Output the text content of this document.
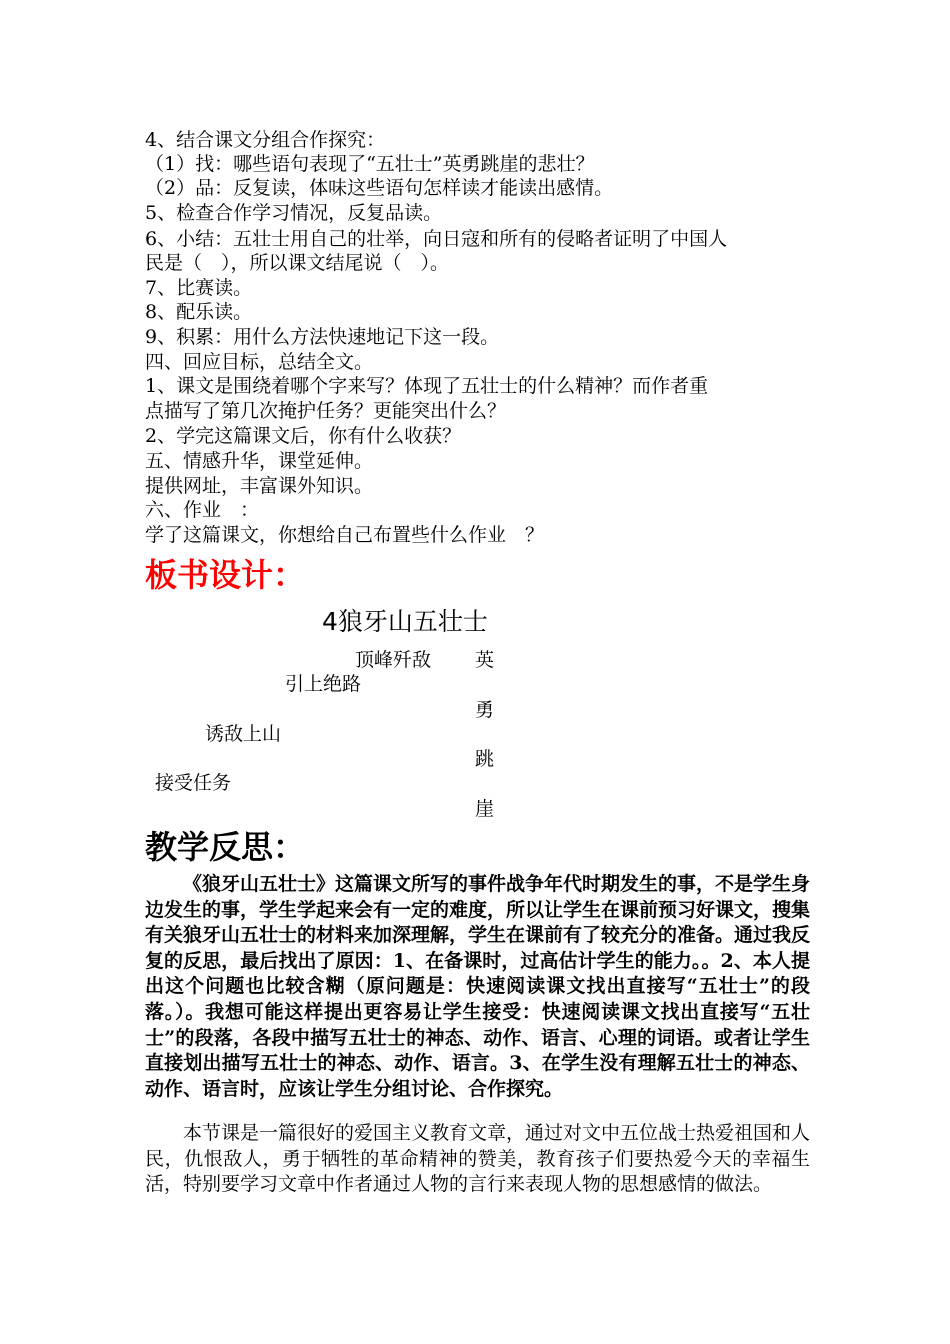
4、结合课文分组合作探究：
（1）找：哪些语句表现了“五壮士”英勇跳崖的悲壮？
（2）品：反复读，体味这些语句怎样读才能读出感情。
5、检查合作学习情况，反复品读。
6、小结：五壮士用自己的壮举，向日寇和所有的侵略者证明了中国人
民是（　），所以课文结尾说（　）。
7、比赛读。
8、配乐读。
9、积累：用什么方法快速地记下这一段。
四、回应目标，总结全文。
1、课文是围绕着哪个字来写？体现了五壮士的什么精神？而作者重
点描写了第几次掩护任务？更能突出什么？
2、学完这篇课文后，你有什么收获？
五、情感升华，课堂延伸。
提供网址，丰富课外知识。
六、作业　：
学了这篇课文，你想给自己布置些什么作业　？
板书设计：
4狼牙山五壮士
顶峰歼敌
引上绝路
诱敌上山
接受任务
英
勇
跳
崖
教学反思：
《狼牙山五壮士》这篇课文所写的事件战争年代时期发生的事，不是学生身边发生的事，学生学起来会有一定的难度，所以让学生在课前预习好课文，搜集有关狼牙山五壮士的材料来加深理解，学生在课前有了较充分的准备。通过我反复的反思，最后找出了原因：1、在备课时，过高估计学生的能力。。2、本人提出这个问题也比较含糊（原问题是：快速阅读课文找出直接写“五壮士”的段落。）。我想可能这样提出更容易让学生接受：快速阅读课文找出直接写“五壮士”的段落，各段中描写五壮士的神态、动作、语言、心理的词语。或者让学生直接划出描写五壮士的神态、动作、语言。3、在学生没有理解五壮士的神态、动作、语言时，应该让学生分组讨论、合作探究。
本节课是一篇很好的爱国主义教育文章，通过对文中五位战士热爱祖国和人民，仇恨敌人，勇于牺牲的革命精神的赞美，教育孩子们要热爱今天的幸福生活，特别要学习文章中作者通过人物的言行来表现人物的思想感情的做法。
